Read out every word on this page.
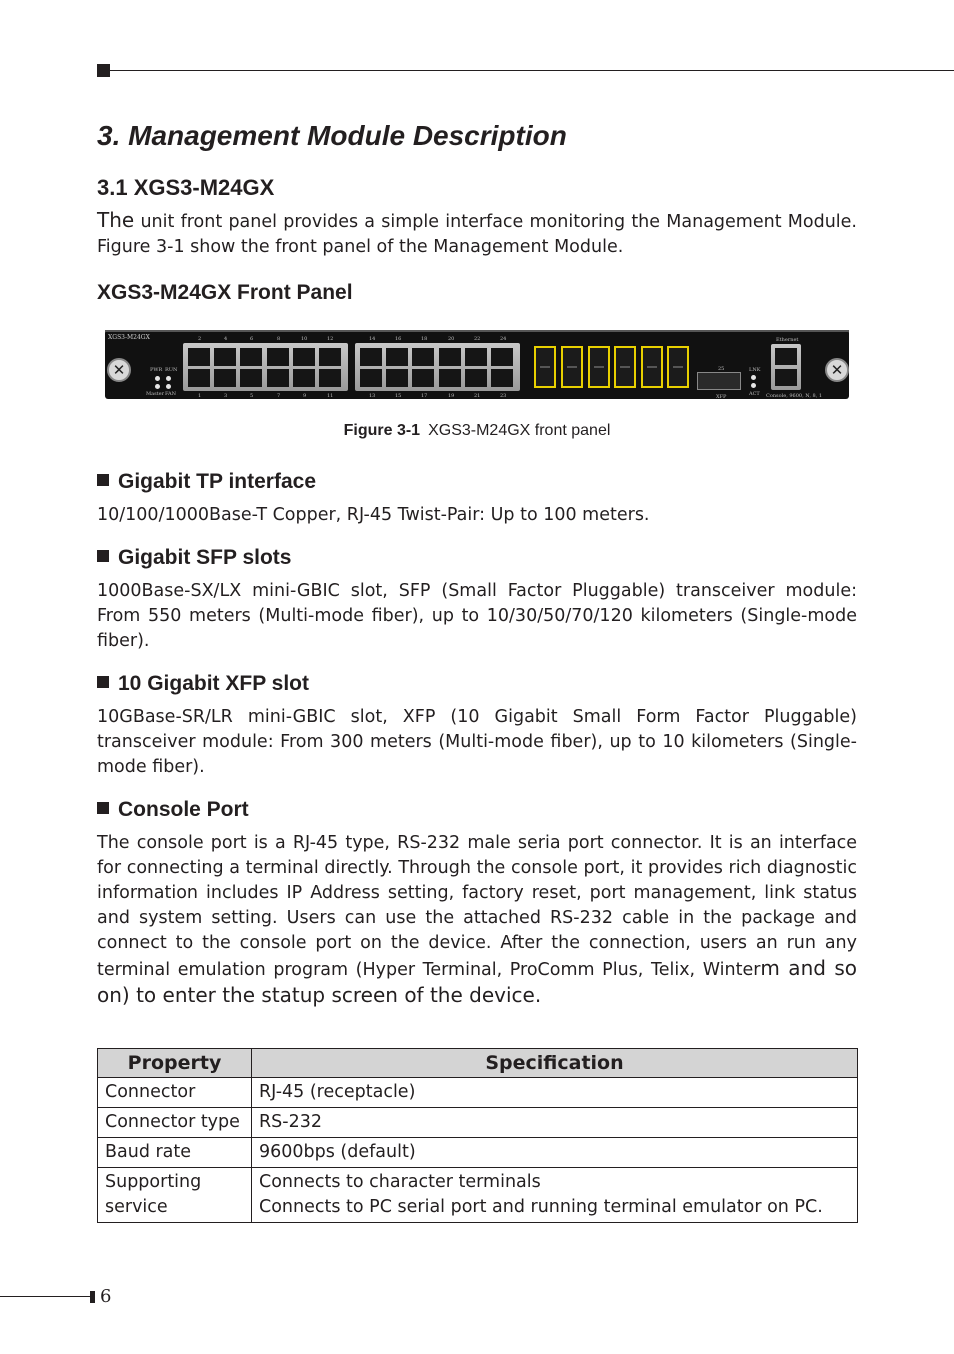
3. Management Module Description
3.1 XGS3-M24GX
The unit front panel provides a simple interface monitoring the Management Module. Figure 3-1 show the front panel of the Management Module.
XGS3-M24GX Front Panel
✕	✕
XGS3-M24GX
PWR RUN
Master FAN
2	4	6	8	10	12	14	16	18	20	22	24
1	3	5	7	9	11	13	15	17	19	21	23
25
XFP
LNK
ACT
Ethernet
Console, 9600, N, 8, 1
Figure 3-1 XGS3-M24GX front panel
Gigabit TP interface
10/100/1000Base-T Copper, RJ-45 Twist-Pair: Up to 100 meters.
Gigabit SFP slots
1000Base-SX/LX mini-GBIC slot, SFP (Small Factor Pluggable) transceiver module: From 550 meters (Multi-mode fiber), up to 10/30/50/70/120 kilometers (Single-mode fiber).
10 Gigabit XFP slot
10GBase-SR/LR mini-GBIC slot, XFP (10 Gigabit Small Form Factor Pluggable) transceiver module: From 300 meters (Multi-mode fiber), up to 10 kilometers (Single-mode fiber).
Console Port
The console port is a RJ-45 type, RS-232 male seria port connector. It is an interface for connecting a terminal directly. Through the console port, it provides rich diagnostic information includes IP Address setting, factory reset, port management, link status and system setting. Users can use the attached RS-232 cable in the package and connect to the console port on the device. After the connection, users an run any terminal emulation program (Hyper Terminal, ProComm Plus, Telix, Winterm and so on) to enter the statup screen of the device.
Property	Specification
Connector	RJ-45 (receptacle)
Connector type	RS-232
Baud rate	9600bps (default)
Supporting service	Connects to character terminals
Connects to PC serial port and running terminal emulator on PC.
6
